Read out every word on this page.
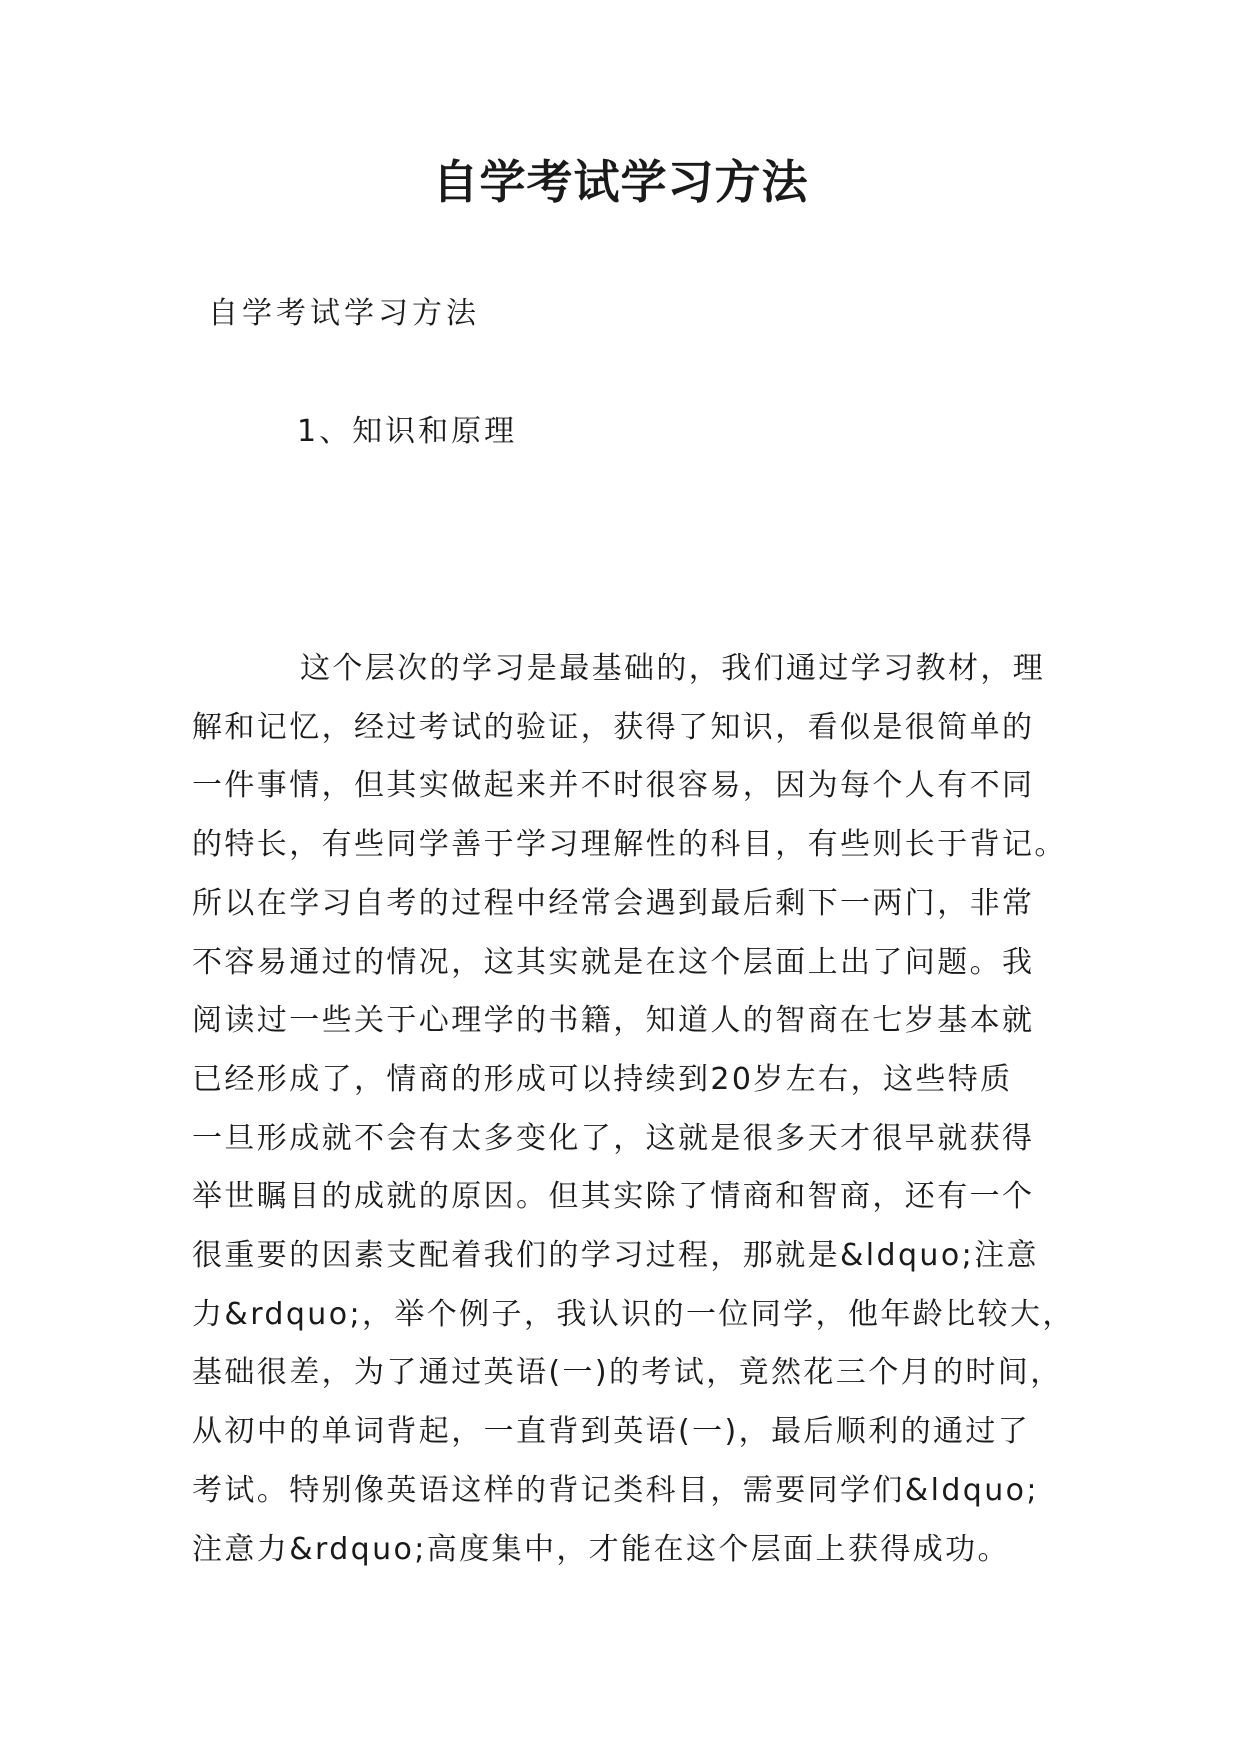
自学考试学习方法
自学考试学习方法
1、知识和原理
这个层次的学习是最基础的，我们通过学习教材，理
解和记忆，经过考试的验证，获得了知识，看似是很简单的
一件事情，但其实做起来并不时很容易，因为每个人有不同
的特长，有些同学善于学习理解性的科目，有些则长于背记。
所以在学习自考的过程中经常会遇到最后剩下一两门，非常
不容易通过的情况，这其实就是在这个层面上出了问题。我
阅读过一些关于心理学的书籍，知道人的智商在七岁基本就
已经形成了，情商的形成可以持续到20岁左右，这些特质
一旦形成就不会有太多变化了，这就是很多天才很早就获得
举世瞩目的成就的原因。但其实除了情商和智商，还有一个
很重要的因素支配着我们的学习过程，那就是&ldquo;注意
力&rdquo;，举个例子，我认识的一位同学，他年龄比较大，
基础很差，为了通过英语(一)的考试，竟然花三个月的时间，
从初中的单词背起，一直背到英语(一)，最后顺利的通过了
考试。特别像英语这样的背记类科目，需要同学们&ldquo;
注意力&rdquo;高度集中，才能在这个层面上获得成功。
